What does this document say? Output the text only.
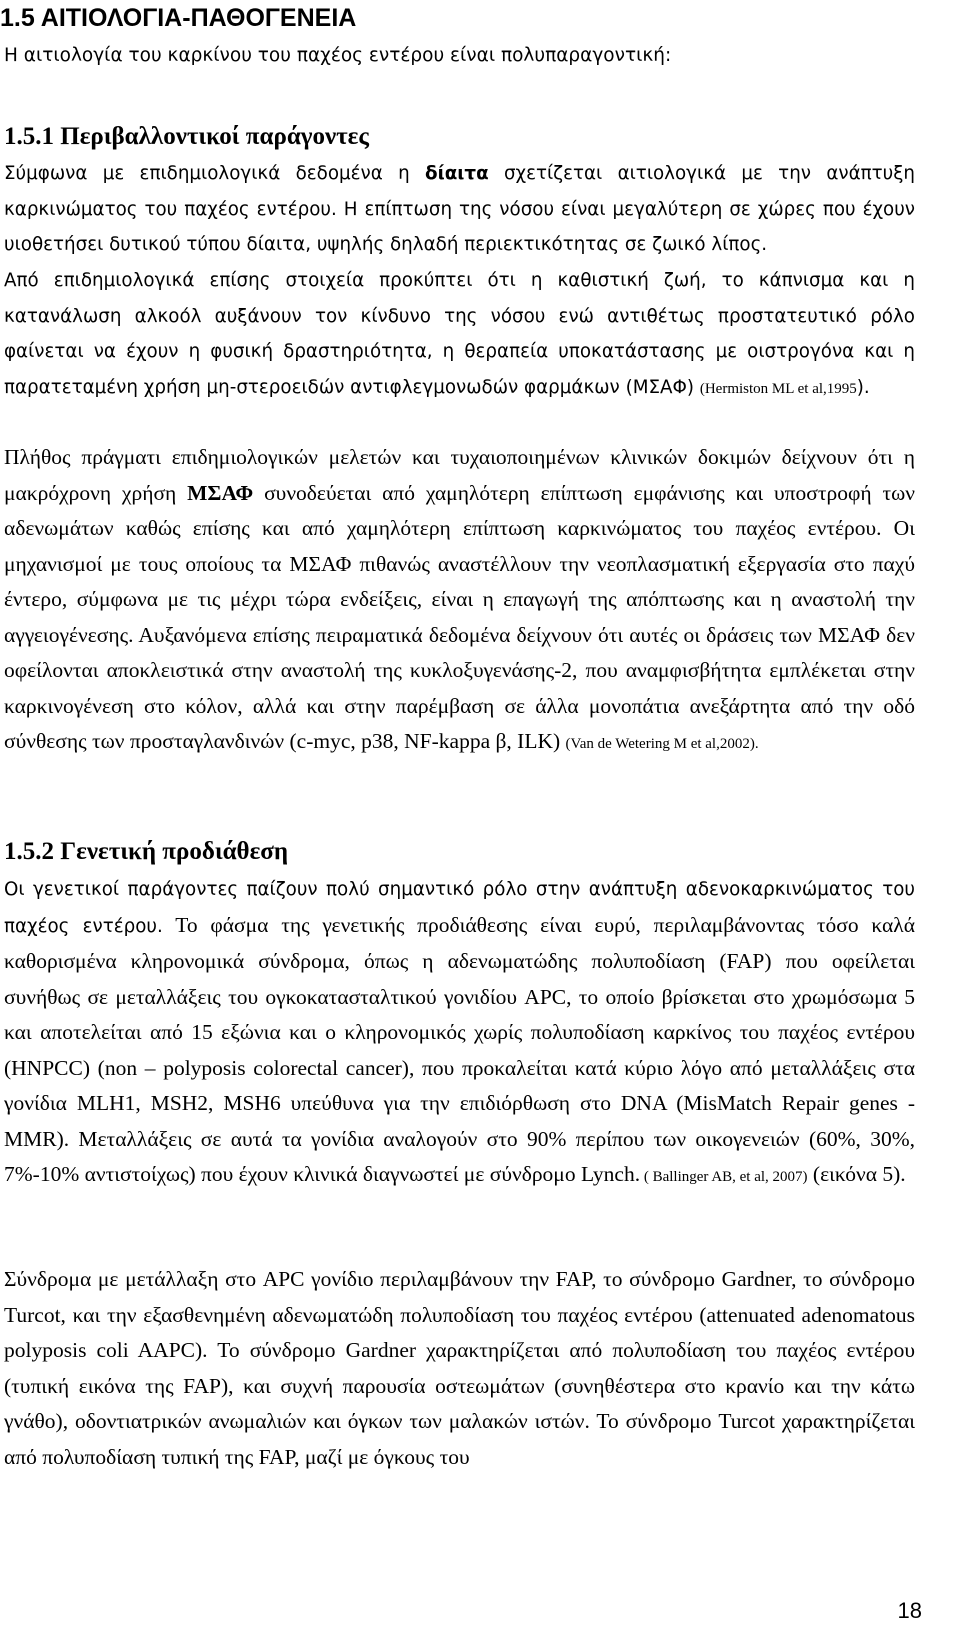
1.5 ΑΙΤΙΟΛΟΓΙΑ-ΠΑΘΟΓΕΝΕΙΑ
Η αιτιολογία του καρκίνου του παχέος εντέρου είναι πολυπαραγοντική:
1.5.1 Περιβαλλοντικοί παράγοντες

Σύμφωνα με επιδημιολογικά δεδομένα η δίαιτα σχετίζεται αιτιολογικά με την ανάπτυξη καρκινώματος του παχέος εντέρου. Η επίπτωση της νόσου είναι μεγαλύτερη σε χώρες που έχουν υιοθετήσει δυτικού τύπου δίαιτα, υψηλής δηλαδή περιεκτικότητας σε ζωικό λίπος.

Από επιδημιολογικά επίσης στοιχεία προκύπτει ότι η καθιστική ζωή, το κάπνισμα και η κατανάλωση αλκοόλ αυξάνουν τον κίνδυνο της νόσου ενώ αντιθέτως προστατευτικό ρόλο φαίνεται να έχουν η φυσική δραστηριότητα, η θεραπεία υποκατάστασης με οιστρογόνα και η παρατεταμένη χρήση μη-στεροειδών αντιφλεγμονωδών φαρμάκων (ΜΣΑΦ) (Hermiston ML et al,1995).

Πλήθος πράγματι επιδημιολογικών μελετών και τυχαιοποιημένων κλινικών δοκιμών δείχνουν ότι η μακρόχρονη χρήση ΜΣΑΦ συνοδεύεται από χαμηλότερη επίπτωση εμφάνισης και υποστροφή των αδενωμάτων καθώς επίσης και από χαμηλότερη επίπτωση καρκινώματος του παχέος εντέρου. Οι μηχανισμοί με τους οποίους τα ΜΣΑΦ πιθανώς αναστέλλουν την νεοπλασματική εξεργασία στο παχύ έντερο, σύμφωνα με τις μέχρι τώρα ενδείξεις, είναι η επαγωγή της απόπτωσης και η αναστολή την αγγειογένεσης. Αυξανόμενα επίσης πειραματικά δεδομένα δείχνουν ότι αυτές οι δράσεις των ΜΣΑΦ δεν οφείλονται αποκλειστικά στην αναστολή της κυκλοξυγενάσης-2, που αναμφισβήτητα εμπλέκεται στην καρκινογένεση στο κόλον, αλλά και στην παρέμβαση σε άλλα μονοπάτια ανεξάρτητα από την οδό σύνθεσης των προσταγλανδινών (c-myc, p38, NF-kappa β, ILK) (Van de Wetering M et al,2002).

1.5.2 Γενετική προδιάθεση

Οι γενετικοί παράγοντες παίζουν πολύ σημαντικό ρόλο στην ανάπτυξη αδενοκαρκινώματος του παχέος εντέρου. Το φάσμα της γενετικής προδιάθεσης είναι ευρύ, περιλαμβάνοντας τόσο καλά καθορισμένα κληρονομικά σύνδρομα, όπως η αδενωματώδης πολυποδίαση (FAP) που οφείλεται συνήθως σε μεταλλάξεις του ογκοκατασταλτικού γονιδίου APC, το οποίο βρίσκεται στο χρωμόσωμα 5 και αποτελείται από 15 εξώνια και ο κληρονομικός χωρίς πολυποδίαση καρκίνος του παχέος εντέρου (HNPCC) (non – polyposis colorectal cancer), που προκαλείται κατά κύριο λόγο από μεταλλάξεις στα γονίδια MLH1, MSH2, MSH6 υπεύθυνα για την επιδιόρθωση στο DNA (MisMatch Repair genes - MMR). Μεταλλάξεις σε αυτά τα γονίδια αναλογούν στο 90% περίπου των οικογενειών (60%, 30%, 7%-10% αντιστοίχως) που έχουν κλινικά διαγνωστεί με σύνδρομο Lynch. ( Ballinger AB, et al, 2007) (εικόνα 5).

Σύνδρομα με μετάλλαξη στο APC γονίδιο περιλαμβάνουν την FAP, το σύνδρομο Gardner, το σύνδρομο Turcot, και την εξασθενημένη αδενωματώδη πολυποδίαση του παχέος εντέρου (attenuated adenomatous polyposis coli AAPC). Το σύνδρομο Gardner χαρακτηρίζεται από πολυποδίαση του παχέος εντέρου (τυπική εικόνα της FAP), και συχνή παρουσία οστεωμάτων (συνηθέστερα στο κρανίο και την κάτω γνάθο), οδοντιατρικών ανωμαλιών και όγκων των μαλακών ιστών. Το σύνδρομο Turcot χαρακτηρίζεται από πολυποδίαση τυπική της FAP, μαζί με όγκους του

18
